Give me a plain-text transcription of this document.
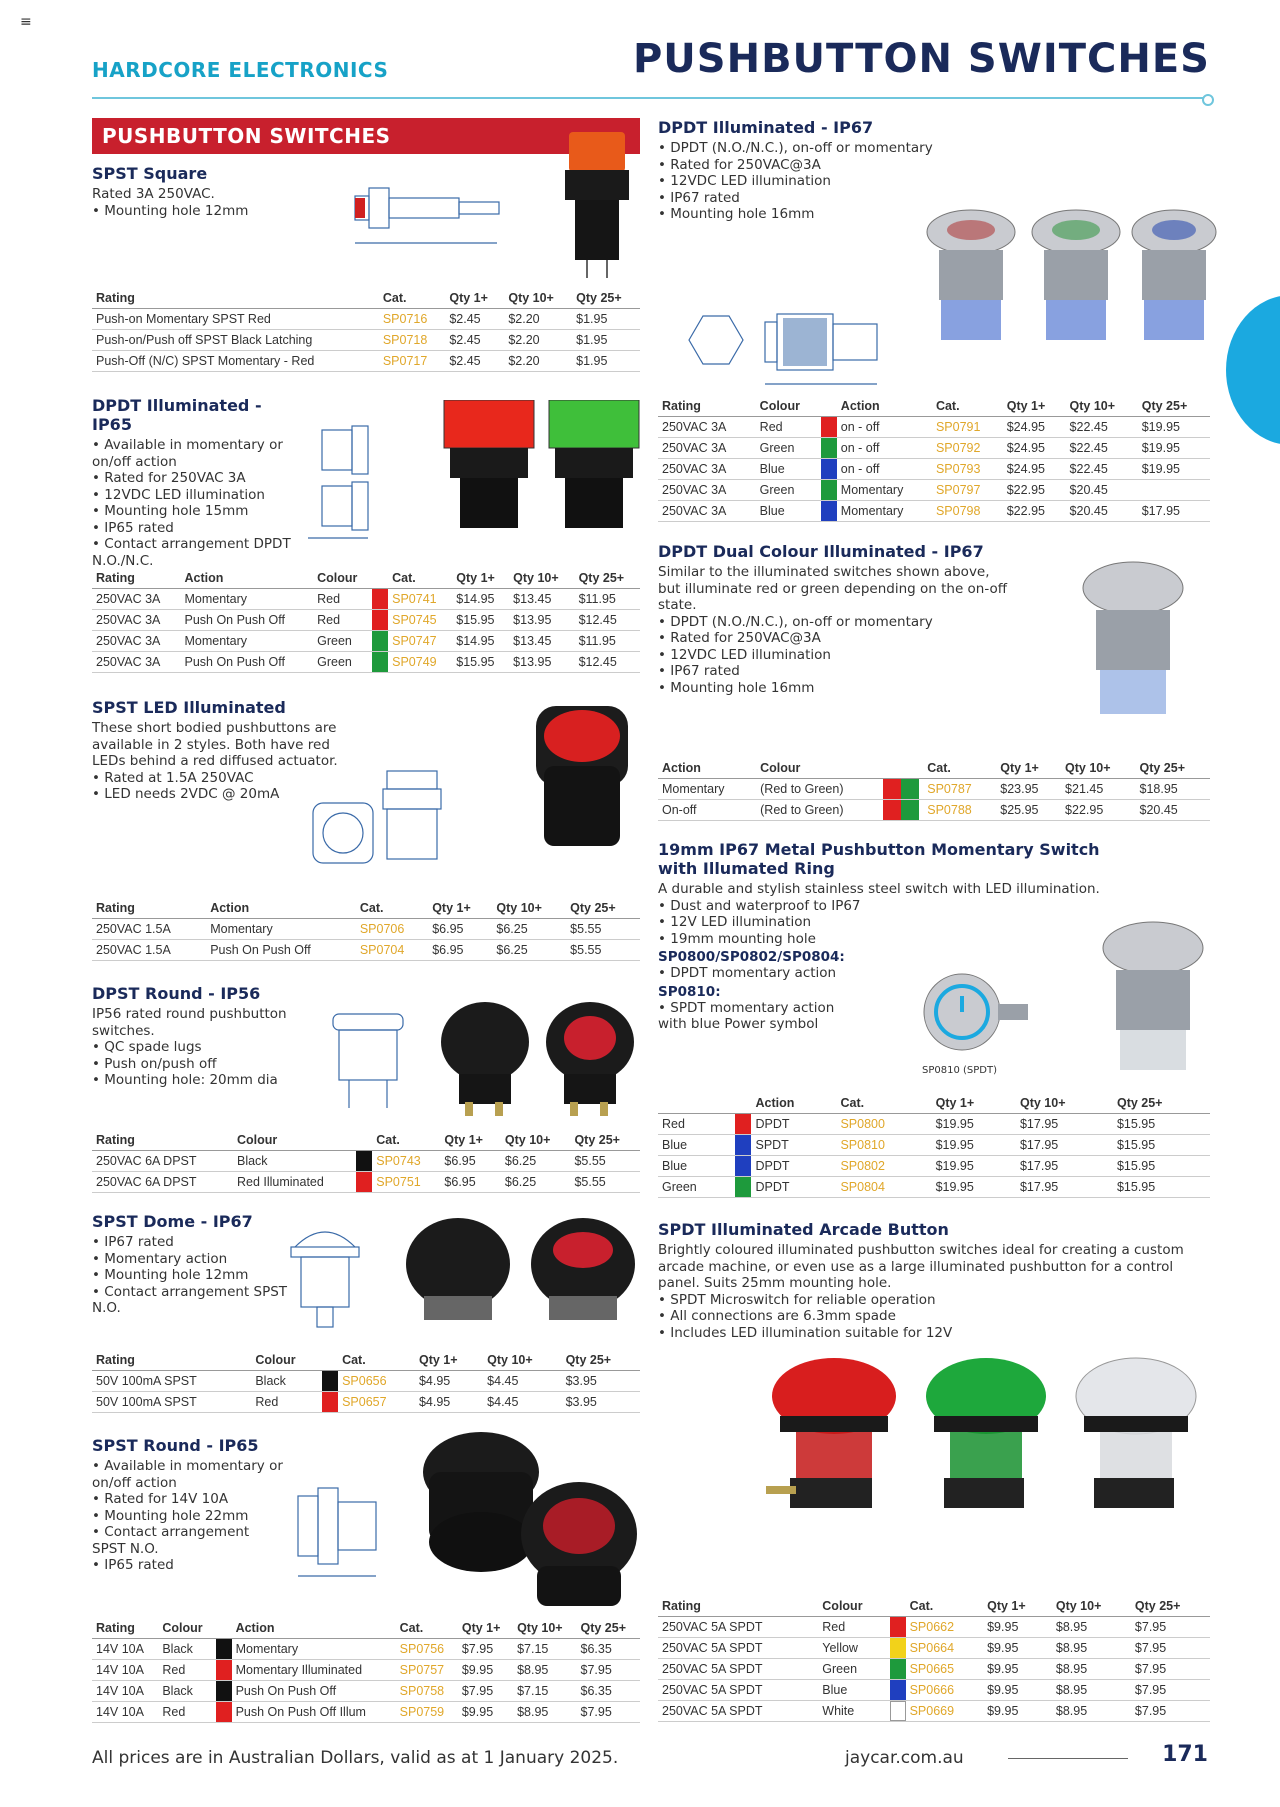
≡
HARDCORE ELECTRONICS	PUSHBUTTON SWITCHES
PUSHBUTTON SWITCHES
SPST Square

Rated 3A 250VAC.

• Mounting hole 12mm
Rating	Cat.	Qty 1+	Qty 10+	Qty 25+
Push-on Momentary SPST Red	SP0716	$2.45	$2.20	$1.95
Push-on/Push off SPST Black Latching	SP0718	$2.45	$2.20	$1.95
Push-Off (N/C) SPST Momentary - Red	SP0717	$2.45	$2.20	$1.95
DPDT Illuminated - IP65
• Available in momentary or on/off action
• Rated for 250VAC 3A
• 12VDC LED illumination
• Mounting hole 15mm
• IP65 rated
• Contact arrangement DPDT N.O./N.C.
Rating	Action	Colour		Cat.	Qty 1+	Qty 10+	Qty 25+
250VAC 3A	Momentary	Red		SP0741	$14.95	$13.45	$11.95
250VAC 3A	Push On Push Off	Red		SP0745	$15.95	$13.95	$12.45
250VAC 3A	Momentary	Green		SP0747	$14.95	$13.45	$11.95
250VAC 3A	Push On Push Off	Green		SP0749	$15.95	$13.95	$12.45
SPST LED Illuminated

These short bodied pushbuttons are available in 2 styles. Both have red LEDs behind a red diffused actuator.

• Rated at 1.5A 250VAC
• LED needs 2VDC @ 20mA
Rating	Action	Cat.	Qty 1+	Qty 10+	Qty 25+
250VAC 1.5A	Momentary	SP0706	$6.95	$6.25	$5.55
250VAC 1.5A	Push On Push Off	SP0704	$6.95	$6.25	$5.55
DPST Round - IP56

IP56 rated round pushbutton switches.

• QC spade lugs
• Push on/push off
• Mounting hole: 20mm dia
Rating	Colour		Cat.	Qty 1+	Qty 10+	Qty 25+
250VAC 6A DPST	Black		SP0743	$6.95	$6.25	$5.55
250VAC 6A DPST	Red Illuminated		SP0751	$6.95	$6.25	$5.55
SPST Dome - IP67
• IP67 rated
• Momentary action
• Mounting hole 12mm
• Contact arrangement SPST N.O.
Rating	Colour		Cat.	Qty 1+	Qty 10+	Qty 25+
50V 100mA SPST	Black		SP0656	$4.95	$4.45	$3.95
50V 100mA SPST	Red		SP0657	$4.95	$4.45	$3.95
SPST Round - IP65
• Available in momentary or on/off action
• Rated for 14V 10A
• Mounting hole 22mm
• Contact arrangement SPST N.O.
• IP65 rated
Rating	Colour		Action	Cat.	Qty 1+	Qty 10+	Qty 25+
14V 10A	Black		Momentary	SP0756	$7.95	$7.15	$6.35
14V 10A	Red		Momentary Illuminated	SP0757	$9.95	$8.95	$7.95
14V 10A	Black		Push On Push Off	SP0758	$7.95	$7.15	$6.35
14V 10A	Red		Push On Push Off Illum	SP0759	$9.95	$8.95	$7.95
DPDT Illuminated - IP67
• DPDT (N.O./N.C.), on-off or momentary
• Rated for 250VAC@3A
• 12VDC LED illumination
• IP67 rated
• Mounting hole 16mm
Rating	Colour		Action	Cat.	Qty 1+	Qty 10+	Qty 25+
250VAC 3A	Red		on - off	SP0791	$24.95	$22.45	$19.95
250VAC 3A	Green		on - off	SP0792	$24.95	$22.45	$19.95
250VAC 3A	Blue		on - off	SP0793	$24.95	$22.45	$19.95
250VAC 3A	Green		Momentary	SP0797	$22.95	$20.45	
250VAC 3A	Blue		Momentary	SP0798	$22.95	$20.45	$17.95
DPDT Dual Colour Illuminated - IP67

Similar to the illuminated switches shown above, but illuminate red or green depending on the on-off state.

• DPDT (N.O./N.C.), on-off or momentary
• Rated for 250VAC@3A
• 12VDC LED illumination
• IP67 rated
• Mounting hole 16mm
Action	Colour		Cat.	Qty 1+	Qty 10+	Qty 25+
Momentary	(Red to Green)		SP0787	$23.95	$21.45	$18.95
On-off	(Red to Green)		SP0788	$25.95	$22.95	$20.45
19mm IP67 Metal Pushbutton Momentary Switch with Illumated Ring

A durable and stylish stainless steel switch with LED illumination.

• Dust and waterproof to IP67
• 12V LED illumination
• 19mm mounting hole
SP0800/SP0802/SP0804:
• DPDT momentary action
SP0810:
• SPDT momentary action with blue Power symbol
SP0810 (SPDT)
		Action	Cat.	Qty 1+	Qty 10+	Qty 25+
Red		DPDT	SP0800	$19.95	$17.95	$15.95
Blue		SPDT	SP0810	$19.95	$17.95	$15.95
Blue		DPDT	SP0802	$19.95	$17.95	$15.95
Green		DPDT	SP0804	$19.95	$17.95	$15.95
SPDT Illuminated Arcade Button

Brightly coloured illuminated pushbutton switches ideal for creating a custom arcade machine, or even use as a large illuminated pushbutton for a control panel. Suits 25mm mounting hole.

• SPDT Microswitch for reliable operation
• All connections are 6.3mm spade
• Includes LED illumination suitable for 12V
Rating	Colour		Cat.	Qty 1+	Qty 10+	Qty 25+
250VAC 5A SPDT	Red		SP0662	$9.95	$8.95	$7.95
250VAC 5A SPDT	Yellow		SP0664	$9.95	$8.95	$7.95
250VAC 5A SPDT	Green		SP0665	$9.95	$8.95	$7.95
250VAC 5A SPDT	Blue		SP0666	$9.95	$8.95	$7.95
250VAC 5A SPDT	White		SP0669	$9.95	$8.95	$7.95
All prices are in Australian Dollars, valid as at 1 January 2025.	jaycar.com.au	171
